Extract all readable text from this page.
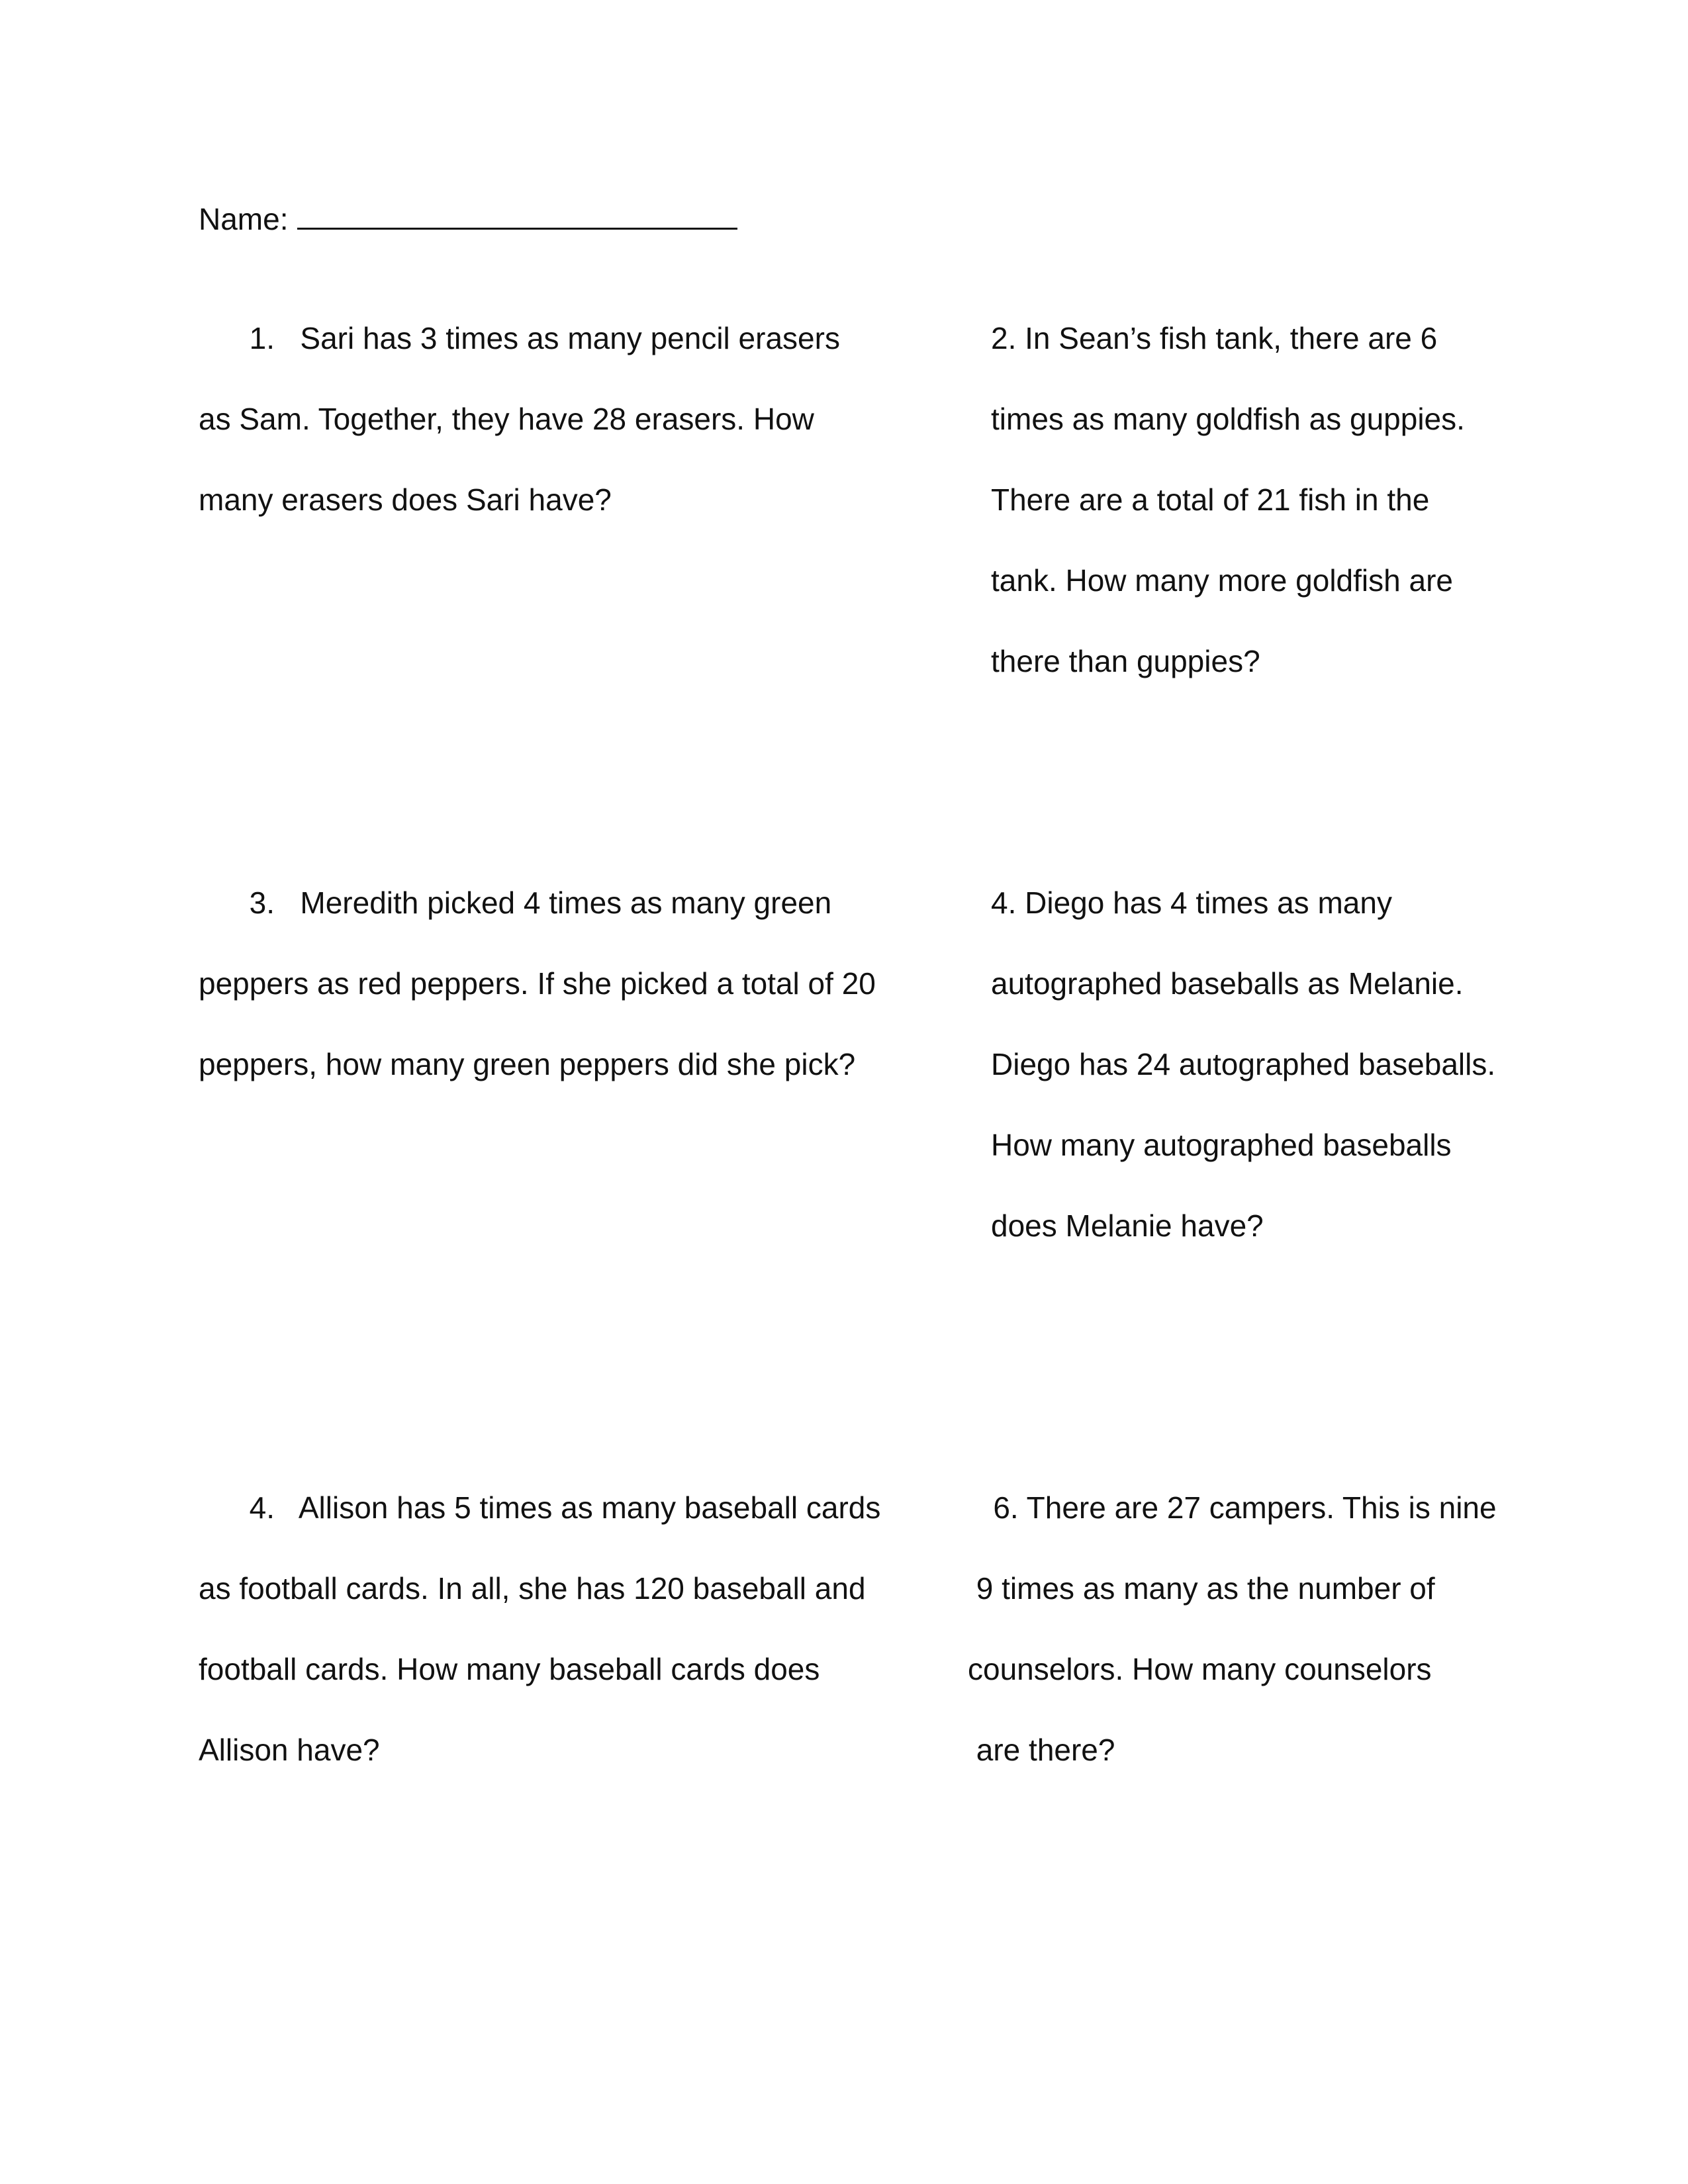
Name:

1.   Sari has 3 times as many pencil erasers

as Sam. Together, they have 28 erasers. How

many erasers does Sari have?

2. In Sean’s fish tank, there are 6

times as many goldfish as guppies.

There are a total of 21 fish in the

tank. How many more goldfish are

there than guppies?

3.   Meredith picked 4 times as many green

peppers as red peppers. If she picked a total of 20

peppers, how many green peppers did she pick?

4. Diego has 4 times as many

autographed baseballs as Melanie.

Diego has 24 autographed baseballs.

How many autographed baseballs

does Melanie have?

4.   Allison has 5 times as many baseball cards

as football cards. In all, she has 120 baseball and

football cards. How many baseball cards does

Allison have?

6. There are 27 campers. This is nine

9 times as many as the number of

counselors. How many counselors

are there?
